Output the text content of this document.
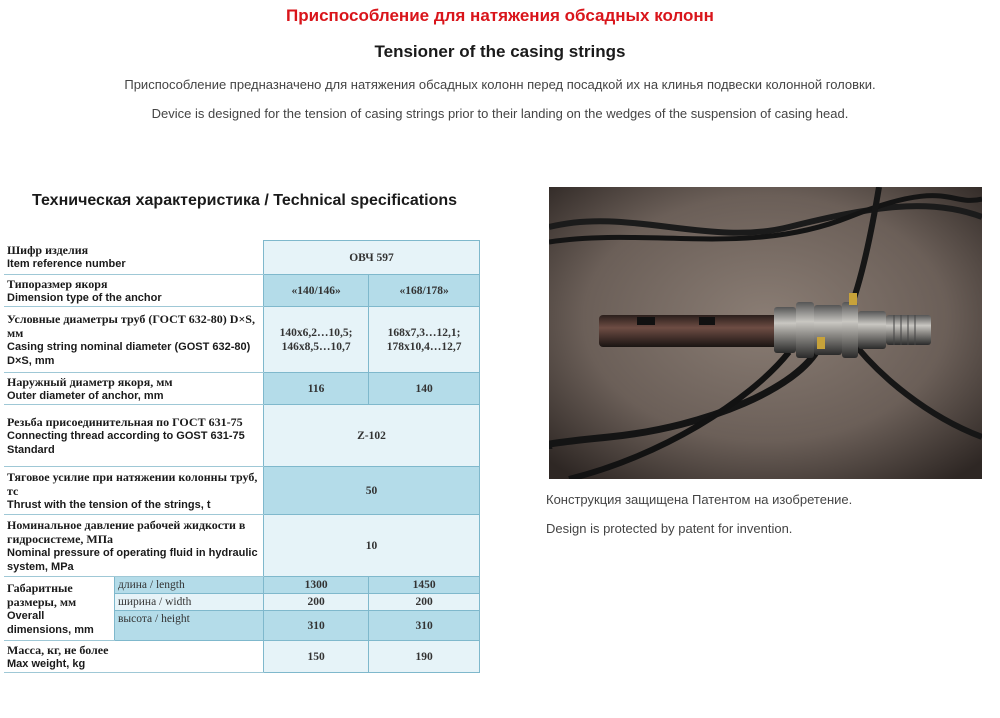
Приспособление для натяжения обсадных колонн
Tensioner of the casing strings
Приспособление предназначено для натяжения обсадных колонн перед посадкой их на клинья подвески колонной головки.
Device is designed for the tension of casing strings prior to their landing on the wedges of the suspension of casing head.
Техническая характеристика / Technical specifications
Шифр изделия
Item reference number		ОВЧ 597	

Типоразмер якоря
Dimension type of the anchor		«140/146»	«168/178»

Условные диаметры труб (ГОСТ 632-80) D×S, мм
Casing string nominal diameter (GOST 632-80) D×S, mm		140х6,2…10,5; 146х8,5…10,7	168х7,3…12,1; 178х10,4…12,7

Наружный диаметр якоря, мм
Outer diameter of anchor, mm		116	140

Резьба присоединительная по ГОСТ 631-75
Connecting thread according to GOST 631-75 Standard		Z-102	

Тяговое усилие при натяжении колонны труб, тс
Thrust with the tension of the strings, t		50	

Номинальное давление рабочей жидкости в гидросистеме, МПа
Nominal pressure of operating fluid in hydraulic system, MPa		10	

Габаритные размеры, мм
Overall dimensions, mm	длина / length	1300	1450
	ширина / width	200	200
	высота / height	310	310

Масса, кг, не более
Max weight, kg		150	190
Конструкция защищена Патентом на изобретение.
Design is protected by patent for invention.
